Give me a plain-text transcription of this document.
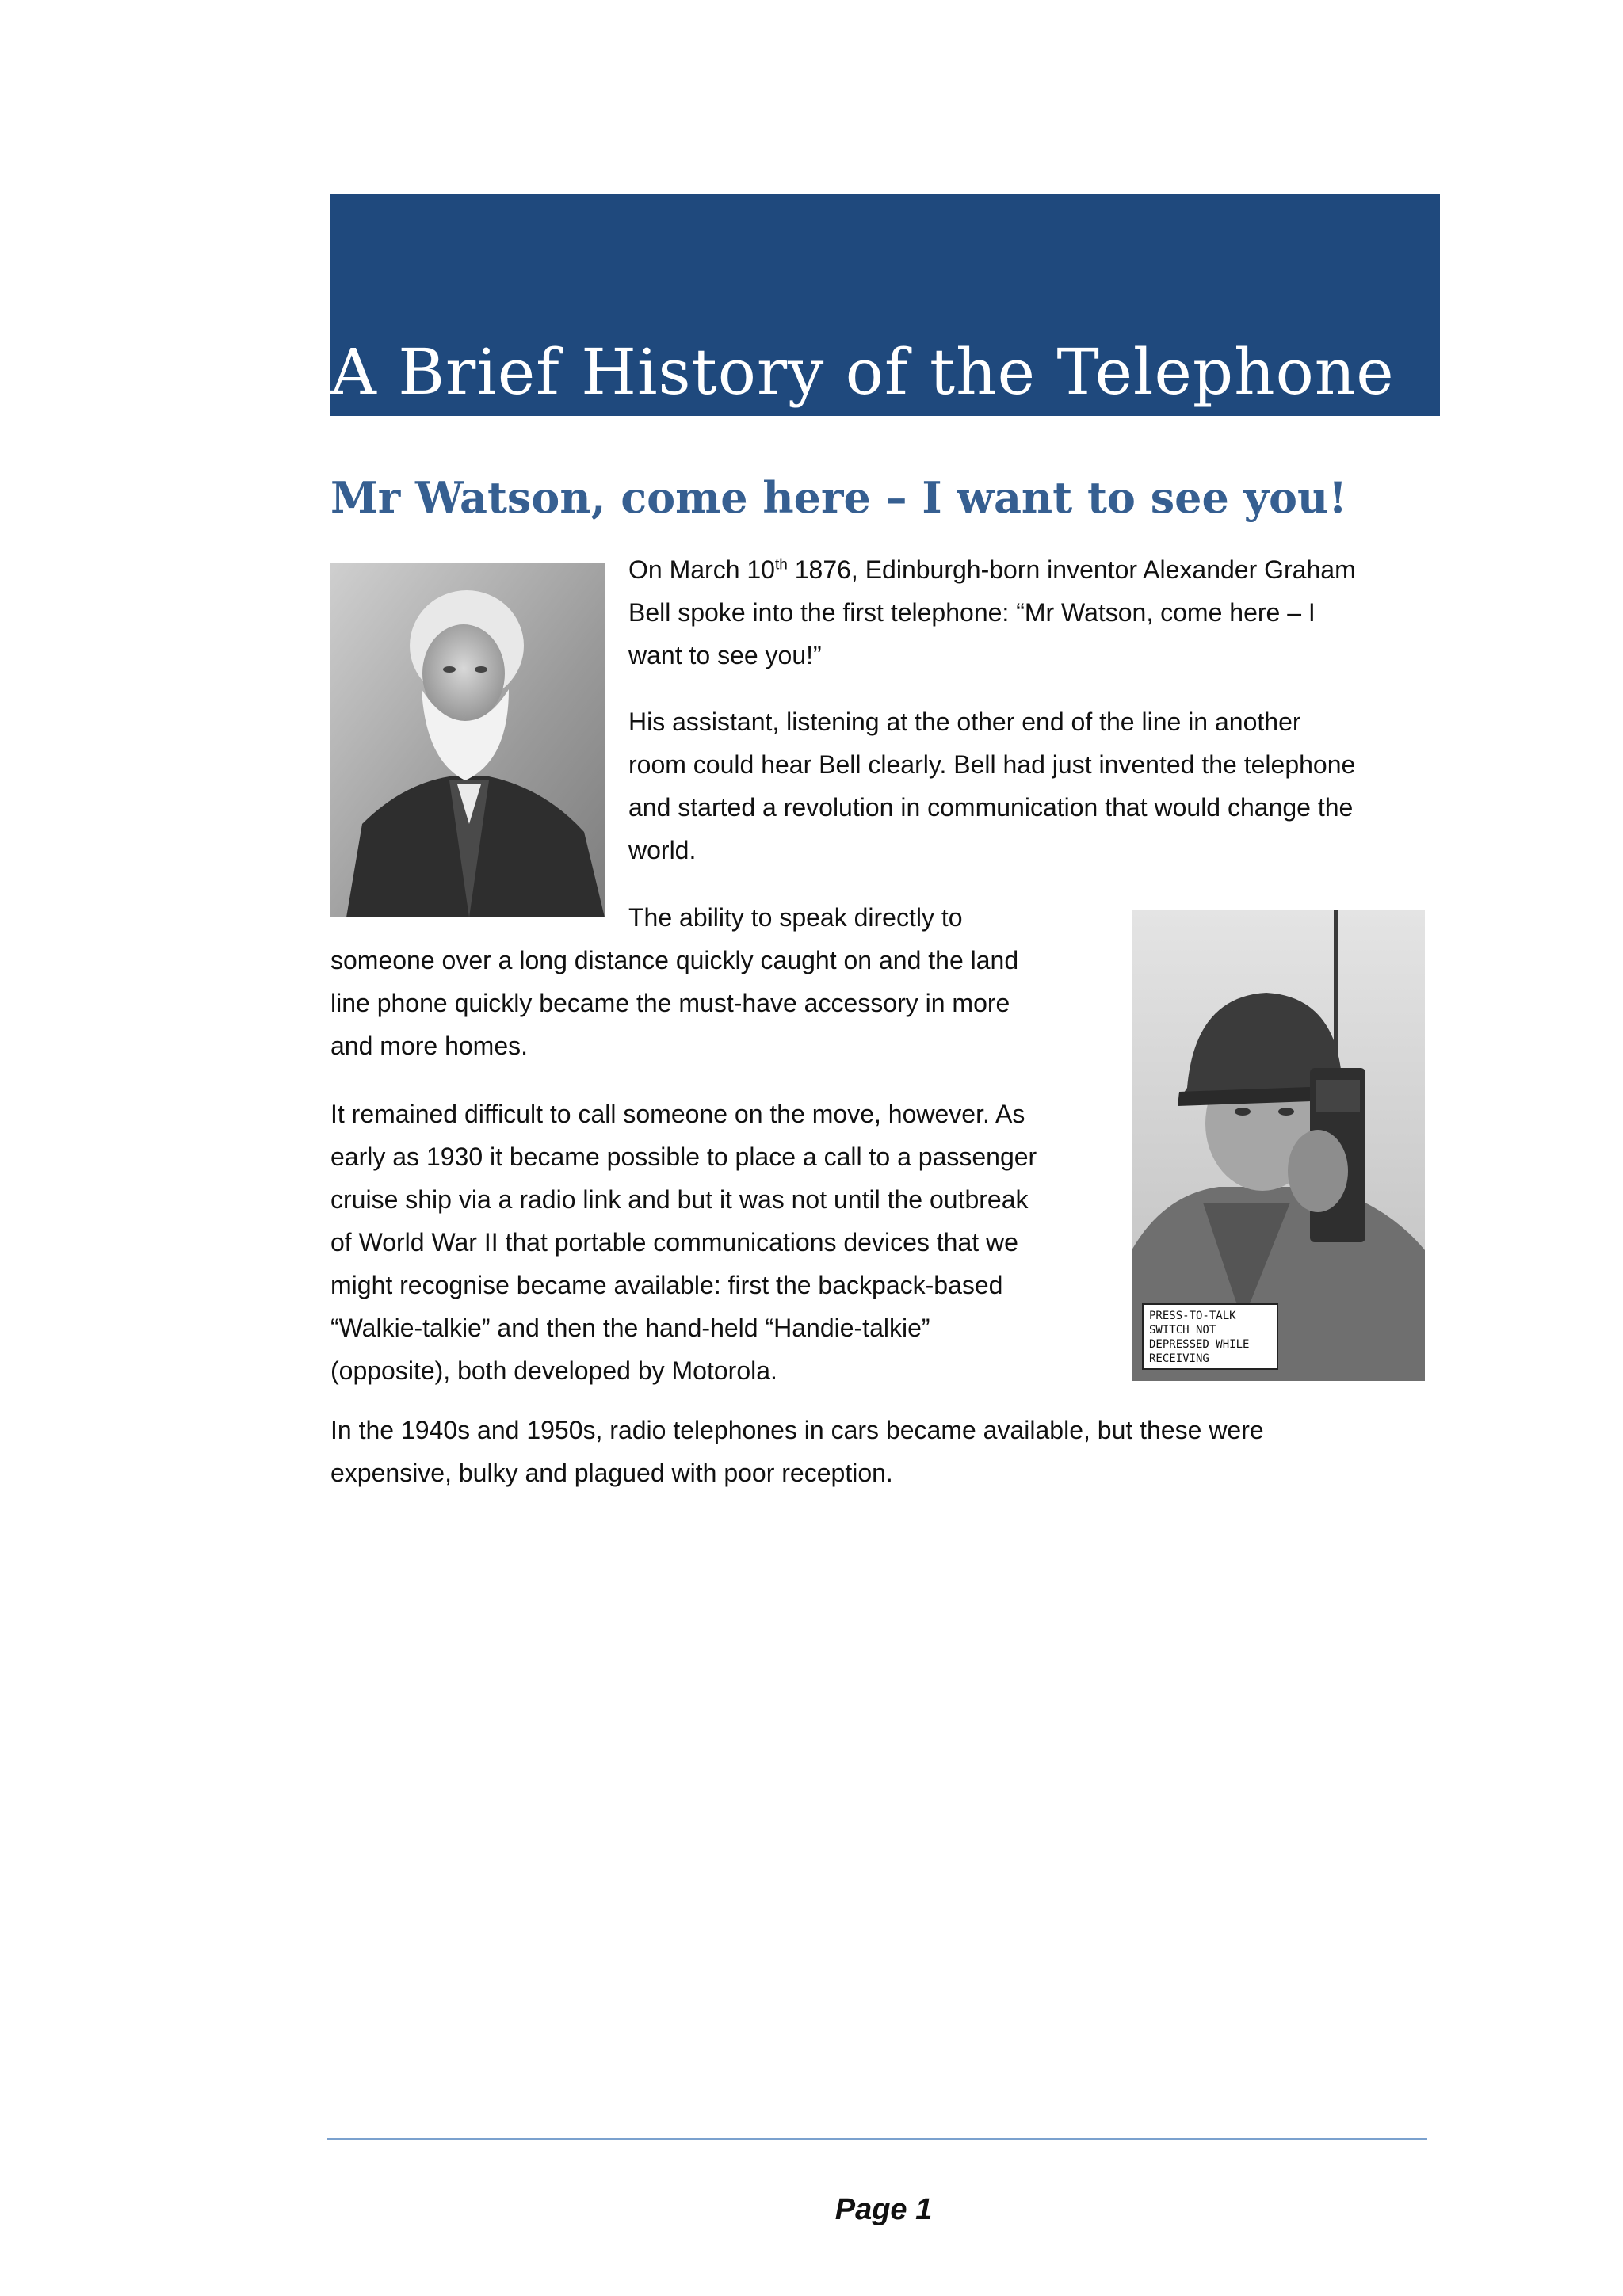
A Brief History of the Telephone
Mr Watson, come here – I want to see you!
On March 10th 1876, Edinburgh-born inventor Alexander Graham
Bell spoke into the first telephone: “Mr Watson, come here – I
want to see you!”
His assistant, listening at the other end of the line in another
room could hear Bell clearly. Bell had just invented the telephone
and started a revolution in communication that would change the
world.
The ability to speak directly to
someone over a long distance quickly caught on and the land
line phone quickly became the must-have accessory in more
and more homes.
PRESS-TO-TALK
SWITCH NOT
DEPRESSED WHILE
RECEIVING
It remained difficult to call someone on the move, however. As
early as 1930 it became possible to place a call to a passenger
cruise ship via a radio link and but it was not until the outbreak
of World War II that portable communications devices that we
might recognise became available: first the backpack-based
“Walkie-talkie” and then the hand-held “Handie-talkie”
(opposite), both developed by Motorola.
In the 1940s and 1950s, radio telephones in cars became available, but these were
expensive, bulky and plagued with poor reception.
Page 1
